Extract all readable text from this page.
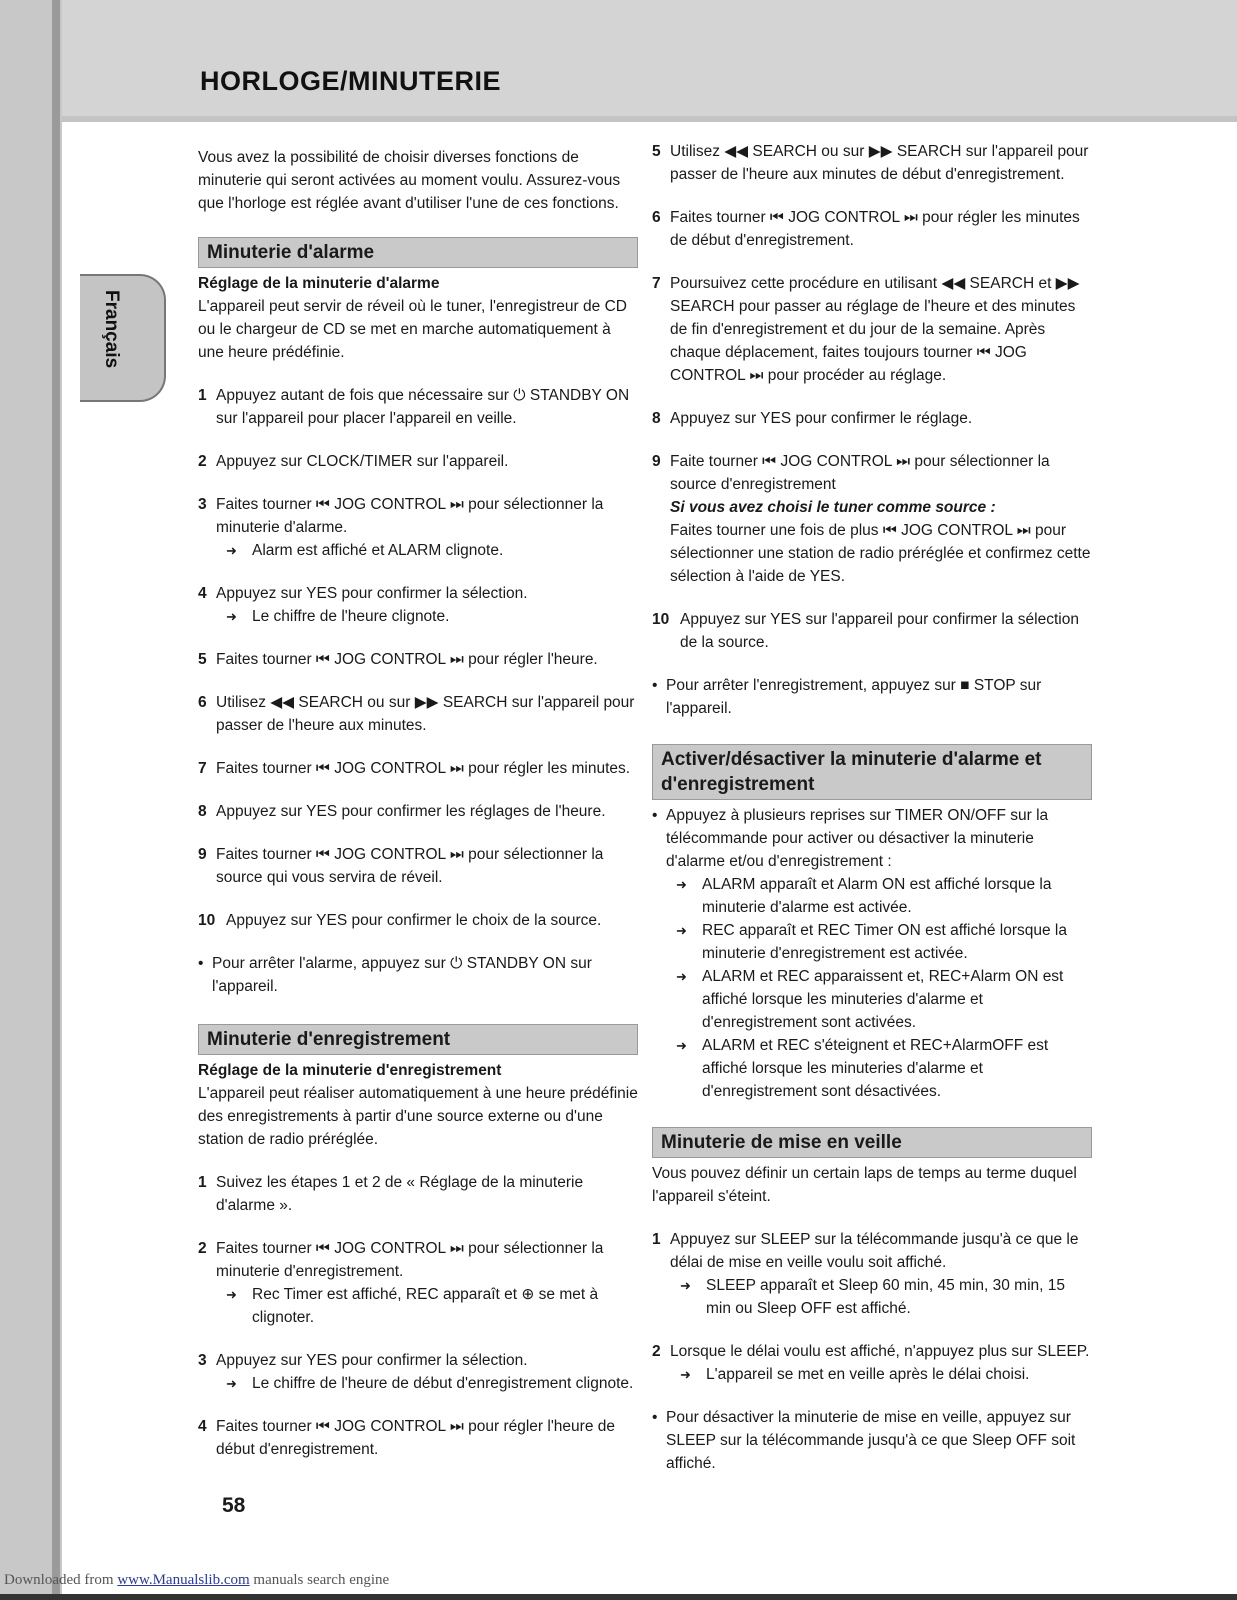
HORLOGE/MINUTERIE
Français

Vous avez la possibilité de choisir diverses fonctions de minuterie qui seront activées au moment voulu. Assurez-vous que l'horloge est réglée avant d'utiliser l'une de ces fonctions.

Minuterie d'alarme

Réglage de la minuterie d'alarme

L'appareil peut servir de réveil où le tuner, l'enregistreur de CD ou le chargeur de CD se met en marche automatiquement à une heure prédéfinie.

1 Appuyez autant de fois que nécessaire sur ⏻ STANDBY ON sur l'appareil pour placer l'appareil en veille.
2 Appuyez sur CLOCK/TIMER sur l'appareil.
3 Faites tourner ⏮ JOG CONTROL ⏭ pour sélectionner la minuterie d'alarme.
➜ Alarm est affiché et ALARM clignote.
4 Appuyez sur YES pour confirmer la sélection.
➜ Le chiffre de l'heure clignote.
5 Faites tourner ⏮ JOG CONTROL ⏭ pour régler l'heure.
6 Utilisez ◀◀ SEARCH ou sur ▶▶ SEARCH sur l'appareil pour passer de l'heure aux minutes.
7 Faites tourner ⏮ JOG CONTROL ⏭ pour régler les minutes.
8 Appuyez sur YES pour confirmer les réglages de l'heure.
9 Faites tourner ⏮ JOG CONTROL ⏭ pour sélectionner la source qui vous servira de réveil.
10 Appuyez sur YES pour confirmer le choix de la source.
• Pour arrêter l'alarme, appuyez sur ⏻ STANDBY ON sur l'appareil.
Minuterie d'enregistrement

Réglage de la minuterie d'enregistrement

L'appareil peut réaliser automatiquement à une heure prédéfinie des enregistrements à partir d'une source externe ou d'une station de radio préréglée.

1 Suivez les étapes 1 et 2 de « Réglage de la minuterie d'alarme ».
2 Faites tourner ⏮ JOG CONTROL ⏭ pour sélectionner la minuterie d'enregistrement.
➜ Rec Timer est affiché, REC apparaît et ⊕ se met à clignoter.
3 Appuyez sur YES pour confirmer la sélection.
➜ Le chiffre de l'heure de début d'enregistrement clignote.
4 Faites tourner ⏮ JOG CONTROL ⏭ pour régler l'heure de début d'enregistrement.
5 Utilisez ◀◀ SEARCH ou sur ▶▶ SEARCH sur l'appareil pour passer de l'heure aux minutes de début d'enregistrement.
6 Faites tourner ⏮ JOG CONTROL ⏭ pour régler les minutes de début d'enregistrement.
7 Poursuivez cette procédure en utilisant ◀◀ SEARCH et ▶▶ SEARCH pour passer au réglage de l'heure et des minutes de fin d'enregistrement et du jour de la semaine. Après chaque déplacement, faites toujours tourner ⏮ JOG CONTROL ⏭ pour procéder au réglage.
8 Appuyez sur YES pour confirmer le réglage.
9 Faite tourner ⏮ JOG CONTROL ⏭ pour sélectionner la source d'enregistrement

Si vous avez choisi le tuner comme source :

Faites tourner une fois de plus ⏮ JOG CONTROL ⏭ pour sélectionner une station de radio préréglée et confirmez cette sélection à l'aide de YES.

10 Appuyez sur YES sur l'appareil pour confirmer la sélection de la source.
• Pour arrêter l'enregistrement, appuyez sur ■ STOP sur l'appareil.
Activer/désactiver la minuterie d'alarme et d'enregistrement
• Appuyez à plusieurs reprises sur TIMER ON/OFF sur la télécommande pour activer ou désactiver la minuterie d'alarme et/ou d'enregistrement :
➜ ALARM apparaît et Alarm ON est affiché lorsque la minuterie d'alarme est activée.
➜ REC apparaît et REC Timer ON est affiché lorsque la minuterie d'enregistrement est activée.
➜ ALARM et REC apparaissent et, REC+Alarm ON est affiché lorsque les minuteries d'alarme et d'enregistrement sont activées.
➜ ALARM et REC s'éteignent et REC+AlarmOFF est affiché lorsque les minuteries d'alarme et d'enregistrement sont désactivées.
Minuterie de mise en veille

Vous pouvez définir un certain laps de temps au terme duquel l'appareil s'éteint.

1 Appuyez sur SLEEP sur la télécommande jusqu'à ce que le délai de mise en veille voulu soit affiché.
➜ SLEEP apparaît et Sleep 60 min, 45 min, 30 min, 15 min ou Sleep OFF est affiché.
2 Lorsque le délai voulu est affiché, n'appuyez plus sur SLEEP.
➜ L'appareil se met en veille après le délai choisi.
• Pour désactiver la minuterie de mise en veille, appuyez sur SLEEP sur la télécommande jusqu'à ce que Sleep OFF soit affiché.
58
Downloaded from www.Manualslib.com manuals search engine
